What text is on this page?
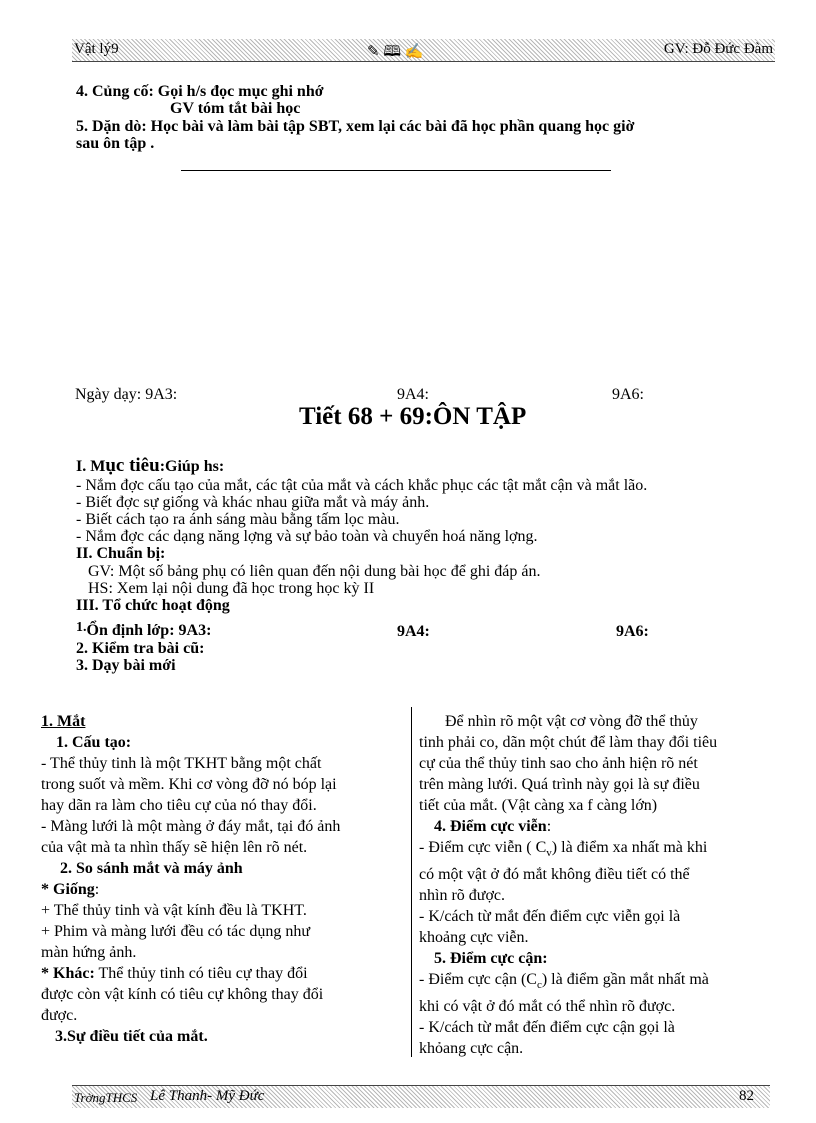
Vật lý9	✎ 🕮 ✍	GV: Đỗ Đức Đàm
4. Củng cố: Gọi h/s đọc mục ghi nhớ
GV tóm tắt bài học
5. Dặn dò: Học bài và làm bài tập SBT, xem lại các bài đã học phần quang học giờ
sau ôn tập .
Ngày dạy: 9A3:	9A4:	9A6:
Tiết 68 + 69:ÔN TẬP
I. Mục tiêu:Giúp hs:
- Nắm đợc cấu tạo của mắt, các tật của mắt và cách khắc phục các tật mắt cận và mắt lão.
- Biết đợc sự giống và khác nhau giữa mắt và máy ảnh.
- Biết cách tạo ra ánh sáng màu bằng tấm lọc màu.
- Nắm đợc các dạng năng lợng và sự bảo toàn và chuyển hoá năng lợng.
II. Chuẩn bị:
GV: Một số bảng phụ có liên quan đến nội dung bài học để ghi đáp án.
HS: Xem lại nội dung đã học trong học kỳ II
III. Tổ chức hoạt động
1.Ổn định lớp: 9A3:	9A4:	9A6:
2. Kiểm tra bài cũ:
3. Dạy bài mới
1. Mắt
1. Cấu tạo:
- Thể thủy tinh là một TKHT bằng một chất
trong suốt và mềm. Khi cơ vòng đỡ nó bóp lại
hay dãn ra làm cho tiêu cự của nó thay đổi.
- Màng lưới là một màng ở đáy mắt, tại đó ảnh
của vật mà ta nhìn thấy sẽ hiện lên rõ nét.
2. So sánh mắt và máy ảnh
* Giống:
+ Thể thủy tinh và vật kính đều là TKHT.
+ Phim và màng lưới đều có tác dụng như
màn hứng ảnh.
* Khác: Thể thủy tinh có tiêu cự thay đổi
được còn vật kính có tiêu cự không thay đổi
được.
3.Sự điều tiết của mắt.
Để nhìn rõ một vật cơ vòng đỡ thể thủy
tinh phải co, dãn một chút để làm thay đổi tiêu
cự của thể thủy tinh sao cho ảnh hiện rõ nét
trên màng lưới. Quá trình này gọi là sự điều
tiết của mắt. (Vật càng xa f càng lớn)
4. Điểm cực viễn:
- Điểm cực viễn ( $C_v$) là điểm xa nhất mà khi
có một vật ở đó mắt không điều tiết có thể
nhìn rõ được.
- K/cách từ mắt đến điểm cực viễn gọi là
khoảng cực viễn.
5. Điểm cực cận:
- Điểm cực cận $(C_c)$ là điểm gần mắt nhất mà
khi có vật ở đó mắt có thể nhìn rõ được.
- K/cách từ mắt đến điểm cực cận gọi là
khỏang cực cận.
TrờngTHCS Lê Thanh- Mỹ Đức	82
